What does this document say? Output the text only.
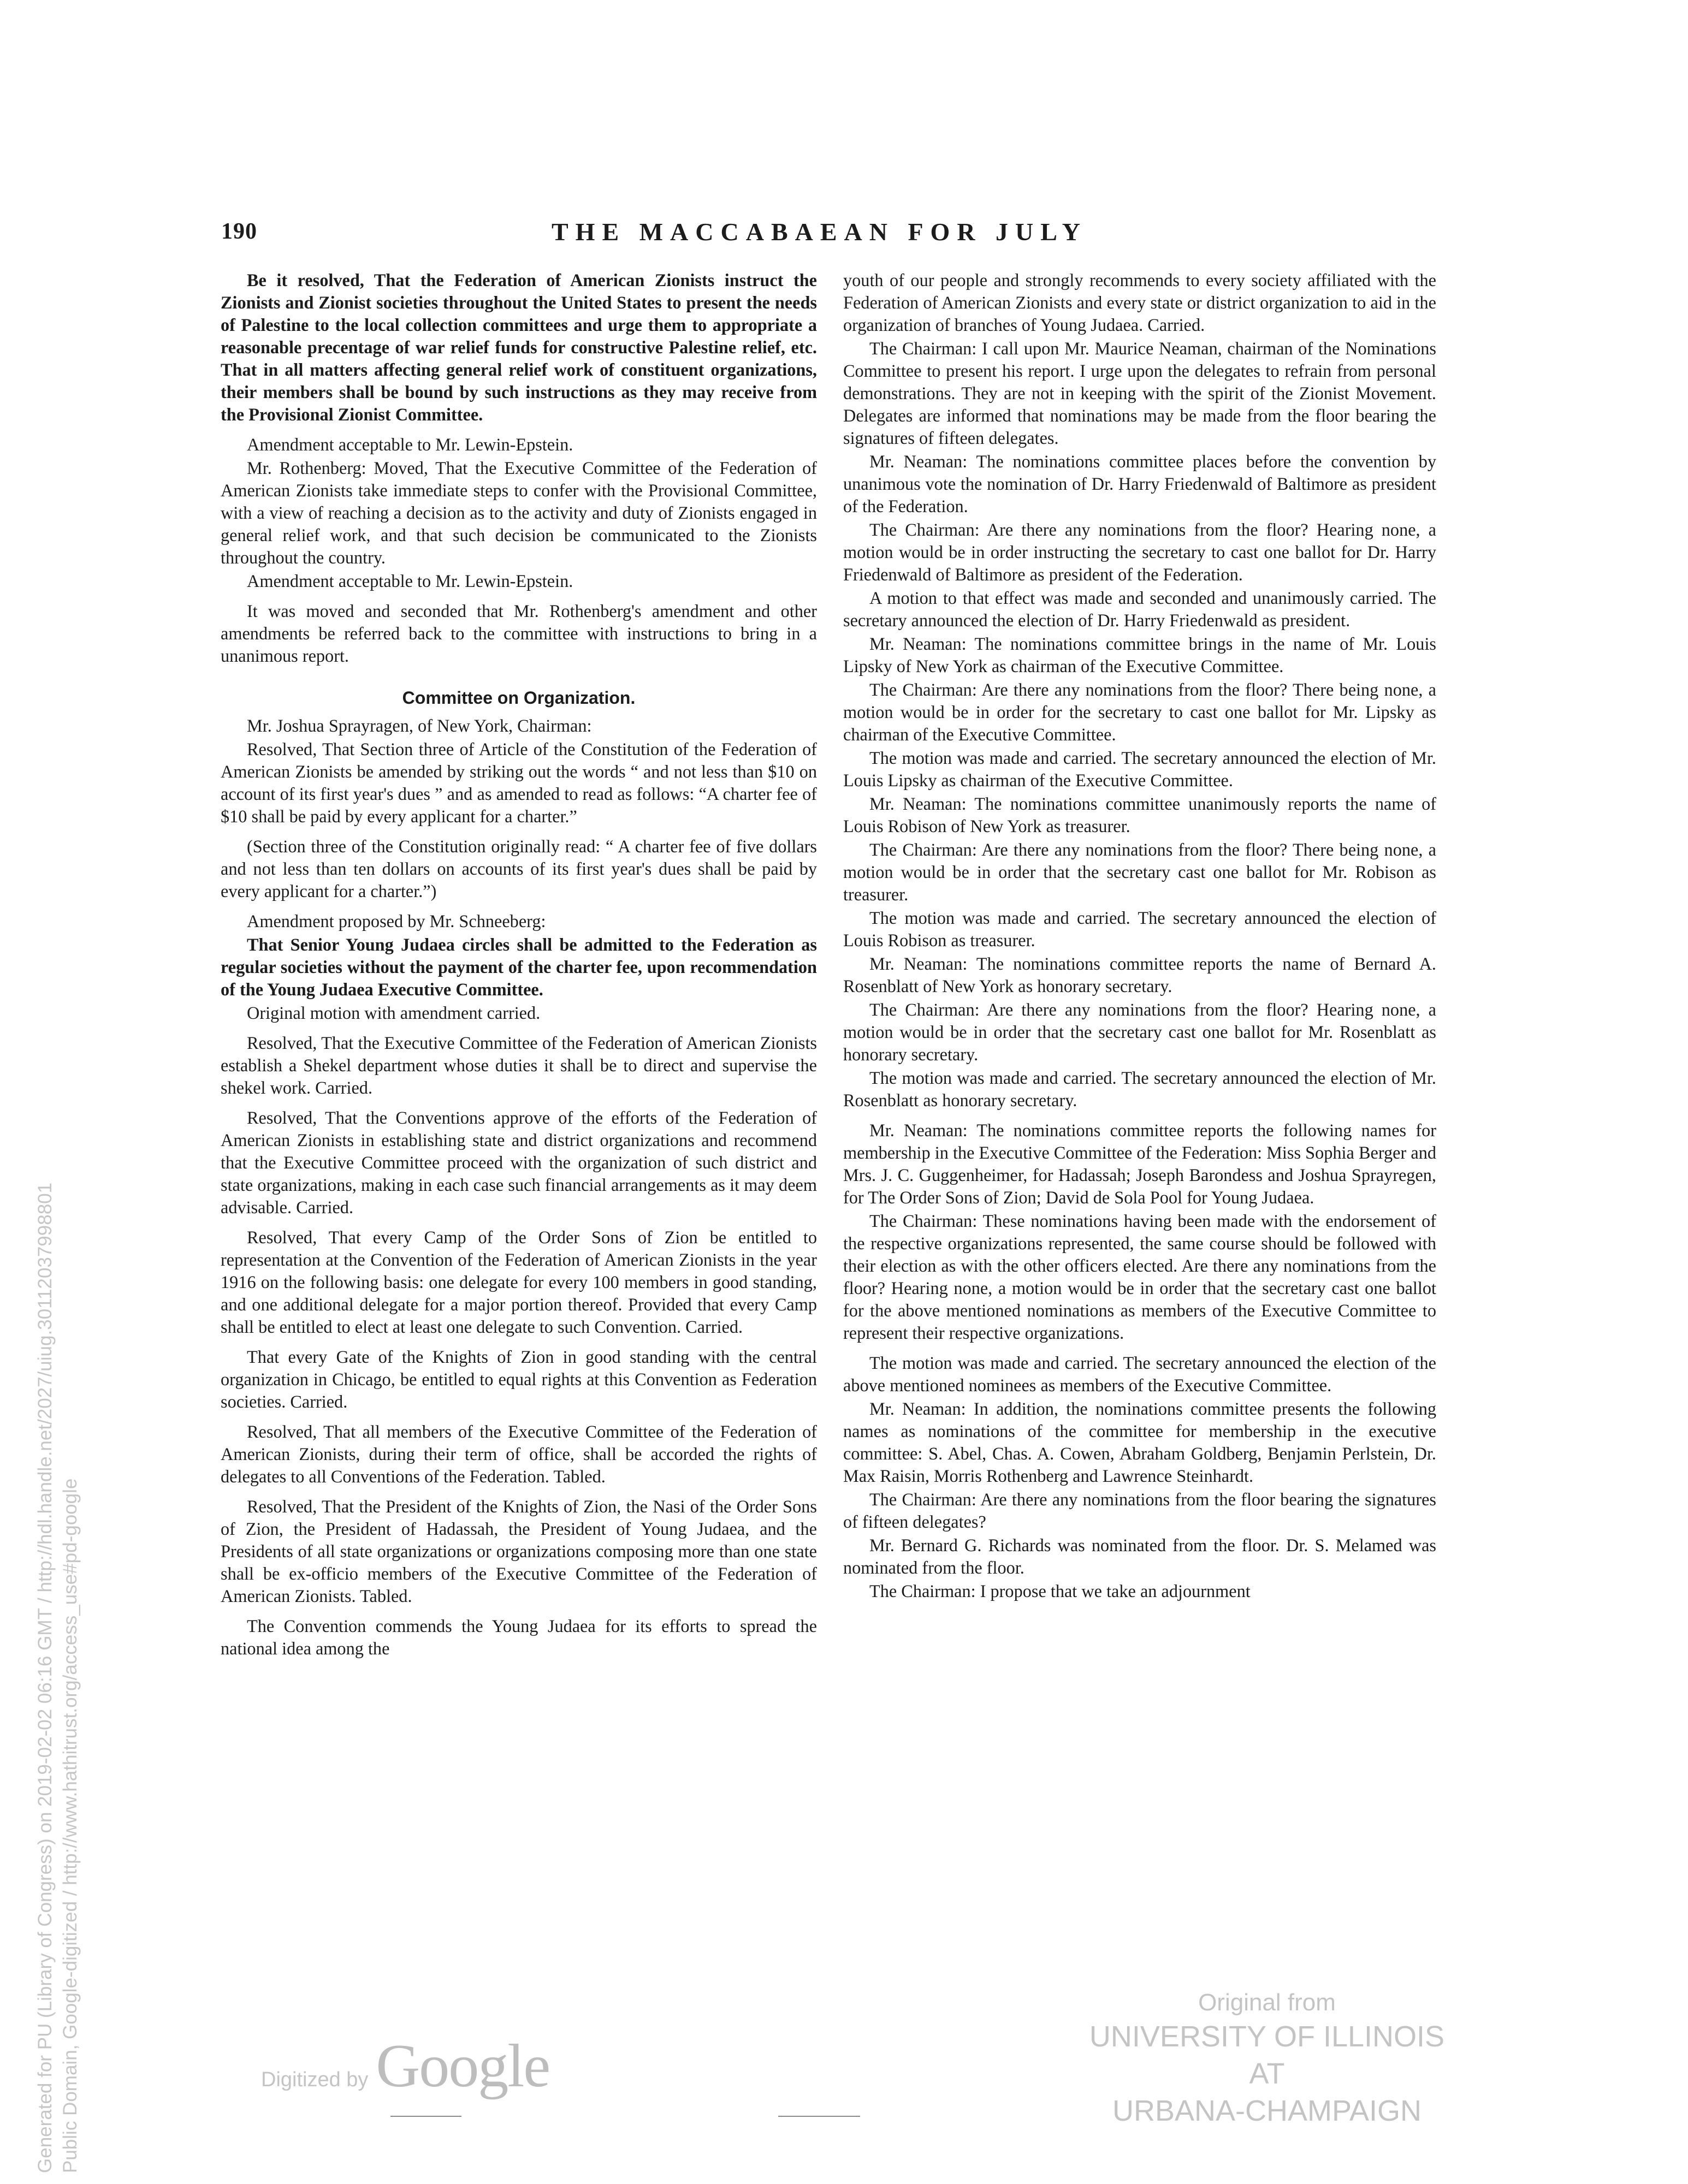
190	THE MACCABAEAN FOR JULY

Be it resolved, That the Federation of American Zionists instruct the Zionists and Zionist societies throughout the United States to present the needs of Palestine to the local collection committees and urge them to appropriate a reasonable precentage of war relief funds for constructive Palestine relief, etc. That in all matters affecting general relief work of constituent organizations, their members shall be bound by such instructions as they may receive from the Provisional Zionist Committee.

Amendment acceptable to Mr. Lewin-Epstein.

Mr. Rothenberg: Moved, That the Executive Committee of the Federation of American Zionists take immediate steps to confer with the Provisional Committee, with a view of reaching a decision as to the activity and duty of Zionists engaged in general relief work, and that such decision be communicated to the Zionists throughout the country.

Amendment acceptable to Mr. Lewin-Epstein.

It was moved and seconded that Mr. Rothenberg's amendment and other amendments be referred back to the committee with instructions to bring in a unanimous report.

Committee on Organization.

Mr. Joshua Sprayragen, of New York, Chairman:

Resolved, That Section three of Article of the Constitution of the Federation of American Zionists be amended by striking out the words “ and not less than $10 on account of its first year's dues ” and as amended to read as follows: “A charter fee of $10 shall be paid by every applicant for a charter.”

(Section three of the Constitution originally read: “ A charter fee of five dollars and not less than ten dollars on accounts of its first year's dues shall be paid by every applicant for a charter.”)

Amendment proposed by Mr. Schneeberg:

That Senior Young Judaea circles shall be admitted to the Federation as regular societies without the payment of the charter fee, upon recommendation of the Young Judaea Executive Committee.

Original motion with amendment carried.

Resolved, That the Executive Committee of the Federation of American Zionists establish a Shekel department whose duties it shall be to direct and supervise the shekel work. Carried.

Resolved, That the Conventions approve of the efforts of the Federation of American Zionists in establishing state and district organizations and recommend that the Executive Committee proceed with the organization of such district and state organizations, making in each case such financial arrangements as it may deem advisable. Carried.

Resolved, That every Camp of the Order Sons of Zion be entitled to representation at the Convention of the Federation of American Zionists in the year 1916 on the following basis: one delegate for every 100 members in good standing, and one additional delegate for a major portion thereof. Provided that every Camp shall be entitled to elect at least one delegate to such Convention. Carried.

That every Gate of the Knights of Zion in good standing with the central organization in Chicago, be entitled to equal rights at this Convention as Federation societies. Carried.

Resolved, That all members of the Executive Committee of the Federation of American Zionists, during their term of office, shall be accorded the rights of delegates to all Conventions of the Federation. Tabled.

Resolved, That the President of the Knights of Zion, the Nasi of the Order Sons of Zion, the President of Hadassah, the President of Young Judaea, and the Presidents of all state organizations or organizations composing more than one state shall be ex-officio members of the Executive Committee of the Federation of American Zionists. Tabled.

The Convention commends the Young Judaea for its efforts to spread the national idea among the

youth of our people and strongly recommends to every society affiliated with the Federation of American Zionists and every state or district organization to aid in the organization of branches of Young Judaea. Carried.

The Chairman: I call upon Mr. Maurice Neaman, chairman of the Nominations Committee to present his report. I urge upon the delegates to refrain from personal demonstrations. They are not in keeping with the spirit of the Zionist Movement. Delegates are informed that nominations may be made from the floor bearing the signatures of fifteen delegates.

Mr. Neaman: The nominations committee places before the convention by unanimous vote the nomination of Dr. Harry Friedenwald of Baltimore as president of the Federation.

The Chairman: Are there any nominations from the floor? Hearing none, a motion would be in order instructing the secretary to cast one ballot for Dr. Harry Friedenwald of Baltimore as president of the Federation.

A motion to that effect was made and seconded and unanimously carried. The secretary announced the election of Dr. Harry Friedenwald as president.

Mr. Neaman: The nominations committee brings in the name of Mr. Louis Lipsky of New York as chairman of the Executive Committee.

The Chairman: Are there any nominations from the floor? There being none, a motion would be in order for the secretary to cast one ballot for Mr. Lipsky as chairman of the Executive Committee.

The motion was made and carried. The secretary announced the election of Mr. Louis Lipsky as chairman of the Executive Committee.

Mr. Neaman: The nominations committee unanimously reports the name of Louis Robison of New York as treasurer.

The Chairman: Are there any nominations from the floor? There being none, a motion would be in order that the secretary cast one ballot for Mr. Robison as treasurer.

The motion was made and carried. The secretary announced the election of Louis Robison as treasurer.

Mr. Neaman: The nominations committee reports the name of Bernard A. Rosenblatt of New York as honorary secretary.

The Chairman: Are there any nominations from the floor? Hearing none, a motion would be in order that the secretary cast one ballot for Mr. Rosenblatt as honorary secretary.

The motion was made and carried. The secretary announced the election of Mr. Rosenblatt as honorary secretary.

Mr. Neaman: The nominations committee reports the following names for membership in the Executive Committee of the Federation: Miss Sophia Berger and Mrs. J. C. Guggenheimer, for Hadassah; Joseph Barondess and Joshua Sprayregen, for The Order Sons of Zion; David de Sola Pool for Young Judaea.

The Chairman: These nominations having been made with the endorsement of the respective organizations represented, the same course should be followed with their election as with the other officers elected. Are there any nominations from the floor? Hearing none, a motion would be in order that the secretary cast one ballot for the above mentioned nominations as members of the Executive Committee to represent their respective organizations.

The motion was made and carried. The secretary announced the election of the above mentioned nominees as members of the Executive Committee.

Mr. Neaman: In addition, the nominations committee presents the following names as nominations of the committee for membership in the executive committee: S. Abel, Chas. A. Cowen, Abraham Goldberg, Benjamin Perlstein, Dr. Max Raisin, Morris Rothenberg and Lawrence Steinhardt.

The Chairman: Are there any nominations from the floor bearing the signatures of fifteen delegates?

Mr. Bernard G. Richards was nominated from the floor. Dr. S. Melamed was nominated from the floor.

The Chairman: I propose that we take an adjournment

Generated for PU (Library of Congress) on 2019-02-02 06:16 GMT / http://hdl.handle.net/2027/uiug.30112037998801 Public Domain, Google-digitized / http://www.hathitrust.org/access_use#pd-google	Digitized by Google
Original from
UNIVERSITY OF ILLINOIS AT
URBANA-CHAMPAIGN
